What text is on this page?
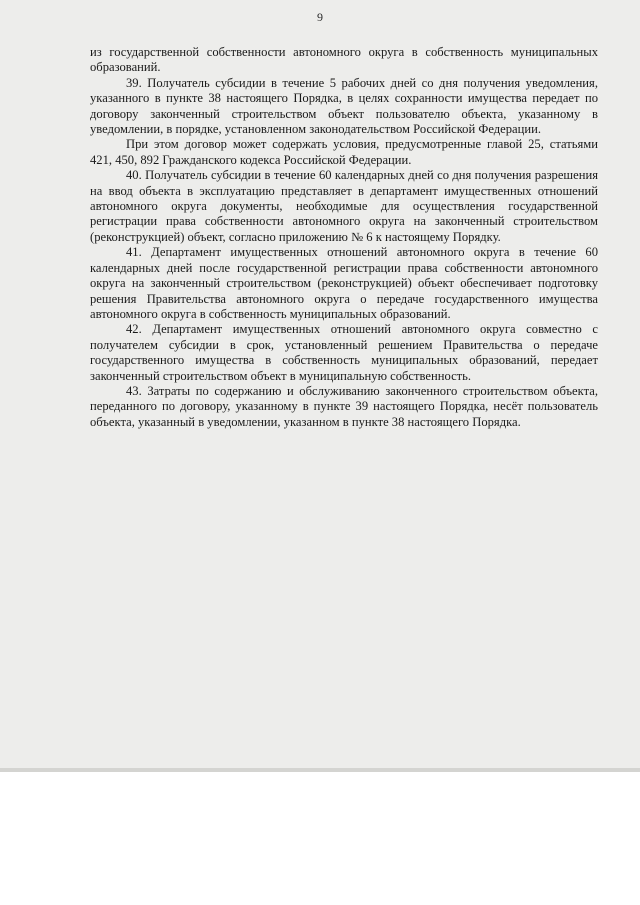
9

из государственной собственности автономного округа в собственность муниципальных образований.

39. Получатель субсидии в течение 5 рабочих дней со дня получения уведомления, указанного в пункте 38 настоящего Порядка, в целях сохранности имущества передает по договору законченный строительством объект пользователю объекта, указанному в уведомлении, в порядке, установленном законодательством Российской Федерации.

При этом договор может содержать условия, предусмотренные главой 25, статьями 421, 450, 892 Гражданского кодекса Российской Федерации.

40. Получатель субсидии в течение 60 календарных дней со дня получения разрешения на ввод объекта в эксплуатацию представляет в департамент имущественных отношений автономного округа документы, необходимые для осуществления государственной регистрации права собственности автономного округа на законченный строительством (реконструкцией) объект, согласно приложению № 6 к настоящему Порядку.

41. Департамент имущественных отношений автономного округа в течение 60 календарных дней после государственной регистрации права собственности автономного округа на законченный строительством (реконструкцией) объект обеспечивает подготовку решения Правительства автономного округа о передаче государственного имущества автономного округа в собственность муниципальных образований.

42. Департамент имущественных отношений автономного округа совместно с получателем субсидии в срок, установленный решением Правительства о передаче государственного имущества в собственность муниципальных образований, передает законченный строительством объект в муниципальную собственность.

43. Затраты по содержанию и обслуживанию законченного строительством объекта, переданного по договору, указанному в пункте 39 настоящего Порядка, несёт пользователь объекта, указанный в уведомлении, указанном в пункте 38 настоящего Порядка.
